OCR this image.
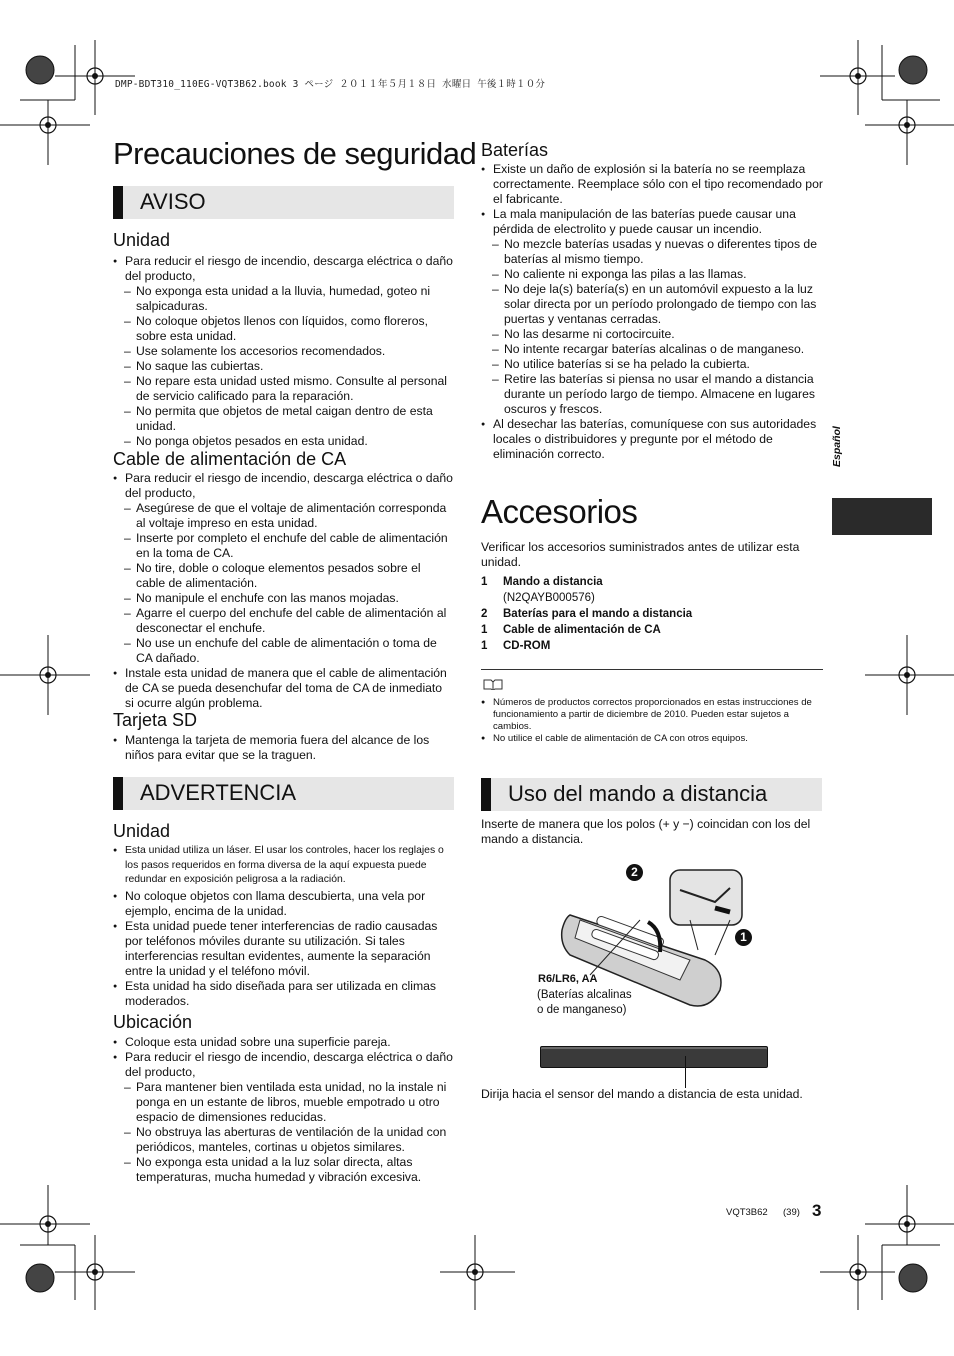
DMP-BDT310_110EG-VQT3B62.book 3 ページ ２０１１年５月１８日 水曜日 午後１時１０分
Precauciones de seguridad
AVISO
Unidad
● Para reducir el riesgo de incendio, descarga eléctrica o daño del producto,
– No exponga esta unidad a la lluvia, humedad, goteo ni salpicaduras.
– No coloque objetos llenos con líquidos, como floreros, sobre esta unidad.
– Use solamente los accesorios recomendados.
– No saque las cubiertas.
– No repare esta unidad usted mismo. Consulte al personal de servicio calificado para la reparación.
– No permita que objetos de metal caigan dentro de esta unidad.
– No ponga objetos pesados en esta unidad.
Cable de alimentación de CA
● Para reducir el riesgo de incendio, descarga eléctrica o daño del producto,
– Asegúrese de que el voltaje de alimentación corresponda al voltaje impreso en esta unidad.
– Inserte por completo el enchufe del cable de alimentación en la toma de CA.
– No tire, doble o coloque elementos pesados sobre el cable de alimentación.
– No manipule el enchufe con las manos mojadas.
– Agarre el cuerpo del enchufe del cable de alimentación al desconectar el enchufe.
– No use un enchufe del cable de alimentación o toma de CA dañado.
● Instale esta unidad de manera que el cable de alimentación de CA se pueda desenchufar del toma de CA de inmediato si ocurre algún problema.
Tarjeta SD
● Mantenga la tarjeta de memoria fuera del alcance de los niños para evitar que se la traguen.
ADVERTENCIA
Unidad
● Esta unidad utiliza un láser. El usar los controles, hacer los reglajes o los pasos requeridos en forma diversa de la aquí expuesta puede redundar en exposición peligrosa a la radiación.
● No coloque objetos con llama descubierta, una vela por ejemplo, encima de la unidad.
● Esta unidad puede tener interferencias de radio causadas por teléfonos móviles durante su utilización. Si tales interferencias resultan evidentes, aumente la separación entre la unidad y el teléfono móvil.
● Esta unidad ha sido diseñada para ser utilizada en climas moderados.
Ubicación
● Coloque esta unidad sobre una superficie pareja.
● Para reducir el riesgo de incendio, descarga eléctrica o daño del producto,
– Para mantener bien ventilada esta unidad, no la instale ni ponga en un estante de libros, mueble empotrado u otro espacio de dimensiones reducidas.
– No obstruya las aberturas de ventilación de la unidad con periódicos, manteles, cortinas u objetos similares.
– No exponga esta unidad a la luz solar directa, altas temperaturas, mucha humedad y vibración excesiva.
Baterías
● Existe un daño de explosión si la batería no se reemplaza correctamente. Reemplace sólo con el tipo recomendado por el fabricante.
● La mala manipulación de las baterías puede causar una pérdida de electrolito y puede causar un incendio.
– No mezcle baterías usadas y nuevas o diferentes tipos de baterías al mismo tiempo.
– No caliente ni exponga las pilas a las llamas.
– No deje la(s) batería(s) en un automóvil expuesto a la luz solar directa por un período prolongado de tiempo con las puertas y ventanas cerradas.
– No las desarme ni cortocircuite.
– No intente recargar baterías alcalinas o de manganeso.
– No utilice baterías si se ha pelado la cubierta.
– Retire las baterías si piensa no usar el mando a distancia durante un período largo de tiempo. Almacene en lugares oscuros y frescos.
● Al desechar las baterías, comuníquese con sus autoridades locales o distribuidores y pregunte por el método de eliminación correcto.
Accesorios
Verificar los accesorios suministrados antes de utilizar esta unidad.
1	Mando a distancia
(N2QAYB000576)
2	Baterías para el mando a distancia
1	Cable de alimentación de CA
1	CD-ROM
● Números de productos correctos proporcionados en estas instrucciones de funcionamiento a partir de diciembre de 2010. Pueden estar sujetos a cambios.
● No utilice el cable de alimentación de CA con otros equipos.
Uso del mando a distancia
Inserte de manera que los polos (+ y −) coincidan con los del mando a distancia.
2
1
R6/LR6, AA
(Baterías alcalinas
o de manganeso)
Dirija hacia el sensor del mando a distancia de esta unidad.
Español
VQT3B62 (39) 3
